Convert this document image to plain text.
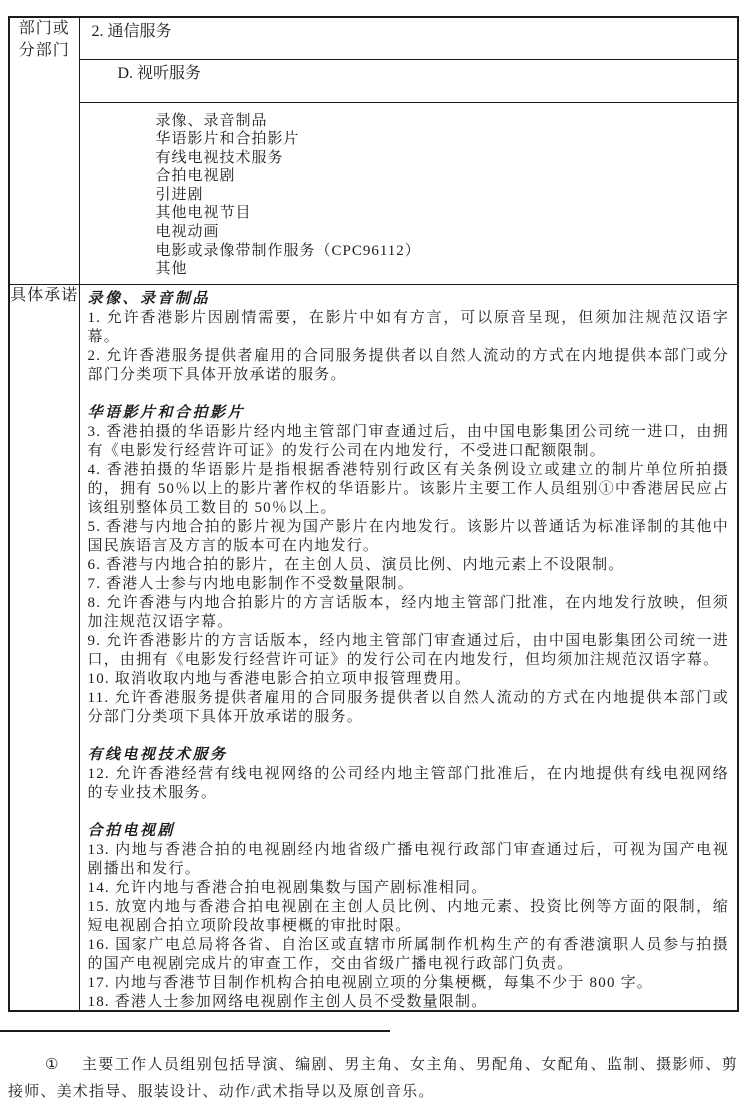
部门或
分部门	2. 通信服务
	D. 视听服务

录像、录音制品
华语影片和合拍影片
有线电视技术服务
合拍电视剧
引进剧
其他电视节目
电视动画
电影或录像带制作服务（CPC96112）
其他

具体承诺	录像、录音制品

1. 允许香港影片因剧情需要，在影片中如有方言，可以原音呈现，但须加注规范汉语字幕。

2. 允许香港服务提供者雇用的合同服务提供者以自然人流动的方式在内地提供本部门或分部门分类项下具体开放承诺的服务。

华语影片和合拍影片

3. 香港拍摄的华语影片经内地主管部门审查通过后，由中国电影集团公司统一进口，由拥有《电影发行经营许可证》的发行公司在内地发行，不受进口配额限制。

4. 香港拍摄的华语影片是指根据香港特别行政区有关条例设立或建立的制片单位所拍摄的，拥有 50％以上的影片著作权的华语影片。该影片主要工作人员组别①中香港居民应占该组别整体员工数目的 50％以上。

5. 香港与内地合拍的影片视为国产影片在内地发行。该影片以普通话为标准译制的其他中国民族语言及方言的版本可在内地发行。

6. 香港与内地合拍的影片，在主创人员、演员比例、内地元素上不设限制。

7. 香港人士参与内地电影制作不受数量限制。

8. 允许香港与内地合拍影片的方言话版本，经内地主管部门批准，在内地发行放映，但须加注规范汉语字幕。

9. 允许香港影片的方言话版本，经内地主管部门审查通过后，由中国电影集团公司统一进口，由拥有《电影发行经营许可证》的发行公司在内地发行，但均须加注规范汉语字幕。

10. 取消收取内地与香港电影合拍立项申报管理费用。

11. 允许香港服务提供者雇用的合同服务提供者以自然人流动的方式在内地提供本部门或分部门分类项下具体开放承诺的服务。

有线电视技术服务

12. 允许香港经营有线电视网络的公司经内地主管部门批准后，在内地提供有线电视网络的专业技术服务。

合拍电视剧

13. 内地与香港合拍的电视剧经内地省级广播电视行政部门审查通过后，可视为国产电视剧播出和发行。

14. 允许内地与香港合拍电视剧集数与国产剧标准相同。

15. 放宽内地与香港合拍电视剧在主创人员比例、内地元素、投资比例等方面的限制，缩短电视剧合拍立项阶段故事梗概的审批时限。

16. 国家广电总局将各省、自治区或直辖市所属制作机构生产的有香港演职人员参与拍摄的国产电视剧完成片的审查工作，交由省级广播电视行政部门负责。

17. 内地与香港节目制作机构合拍电视剧立项的分集梗概，每集不少于 800 字。

18. 香港人士参加网络电视剧作主创人员不受数量限制。

① 主要工作人员组别包括导演、编剧、男主角、女主角、男配角、女配角、监制、摄影师、剪接师、美术指导、服装设计、动作/武术指导以及原创音乐。
